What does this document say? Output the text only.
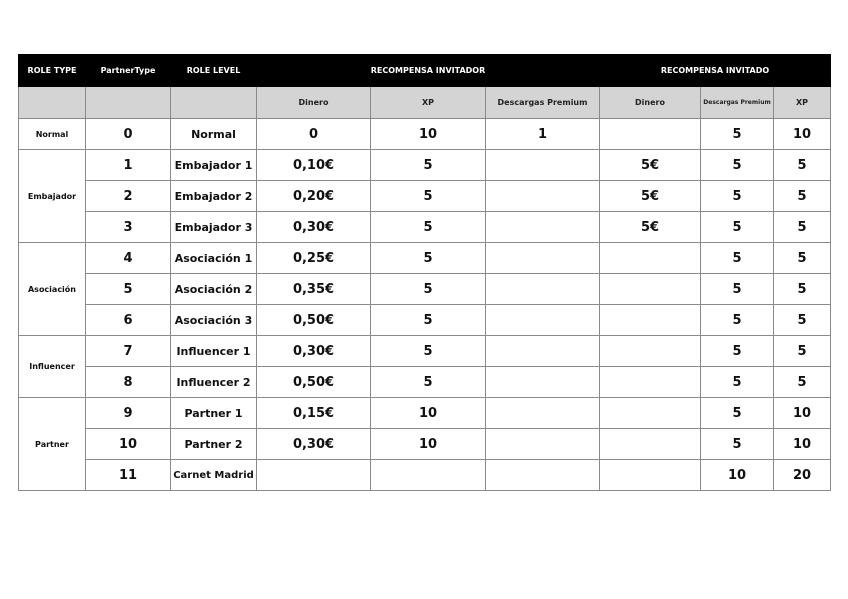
ROLE TYPE	PartnerType	ROLE LEVEL	RECOMPENSA INVITADOR			RECOMPENSA INVITADO		
			Dinero	XP	Descargas Premium	Dinero	Descargas Premium	XP
Normal	0	Normal	0	10	1		5	10
Embajador	1	Embajador 1	0,10€	5		5€	5	5
	2	Embajador 2	0,20€	5		5€	5	5
	3	Embajador 3	0,30€	5		5€	5	5
Asociación	4	Asociación 1	0,25€	5			5	5
	5	Asociación 2	0,35€	5			5	5
	6	Asociación 3	0,50€	5			5	5
Influencer	7	Influencer 1	0,30€	5			5	5
	8	Influencer 2	0,50€	5			5	5
Partner	9	Partner 1	0,15€	10			5	10
	10	Partner 2	0,30€	10			5	10
	11	Carnet Madrid					10	20
